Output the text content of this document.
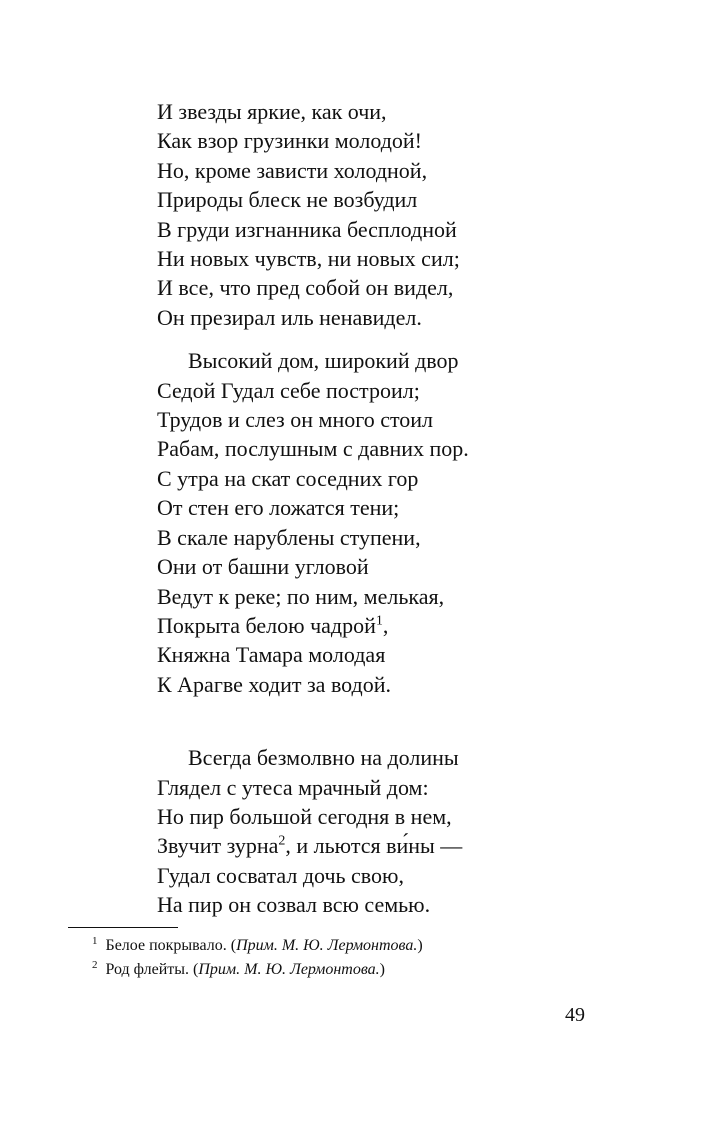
И звезды яркие, как очи,
Как взор грузинки молодой!
Но, кроме зависти холодной,
Природы блеск не возбудил
В груди изгнанника бесплодной
Ни новых чувств, ни новых сил;
И все, что пред собой он видел,
Он презирал иль ненавидел.
Высокий дом, широкий двор
Седой Гудал себе построил;
Трудов и слез он много стоил
Рабам, послушным с давних пор.
С утра на скат соседних гор
От стен его ложатся тени;
В скале нарублены ступени,
Они от башни угловой
Ведут к реке; по ним, мелькая,
Покрыта белою чадрой$^1$,
Княжна Тамара молодая
К Арагве ходит за водой.
Всегда безмолвно на долины
Глядел с утеса мрачный дом:
Но пир большой сегодня в нем,
Звучит зурна$^2$, и льются ви́ны —
Гудал сосватал дочь свою,
На пир он созвал всю семью.
$^1$ Белое покрывало. (Прим. М. Ю. Лермонтова.)
$^2$ Род флейты. (Прим. М. Ю. Лермонтова.)
49
